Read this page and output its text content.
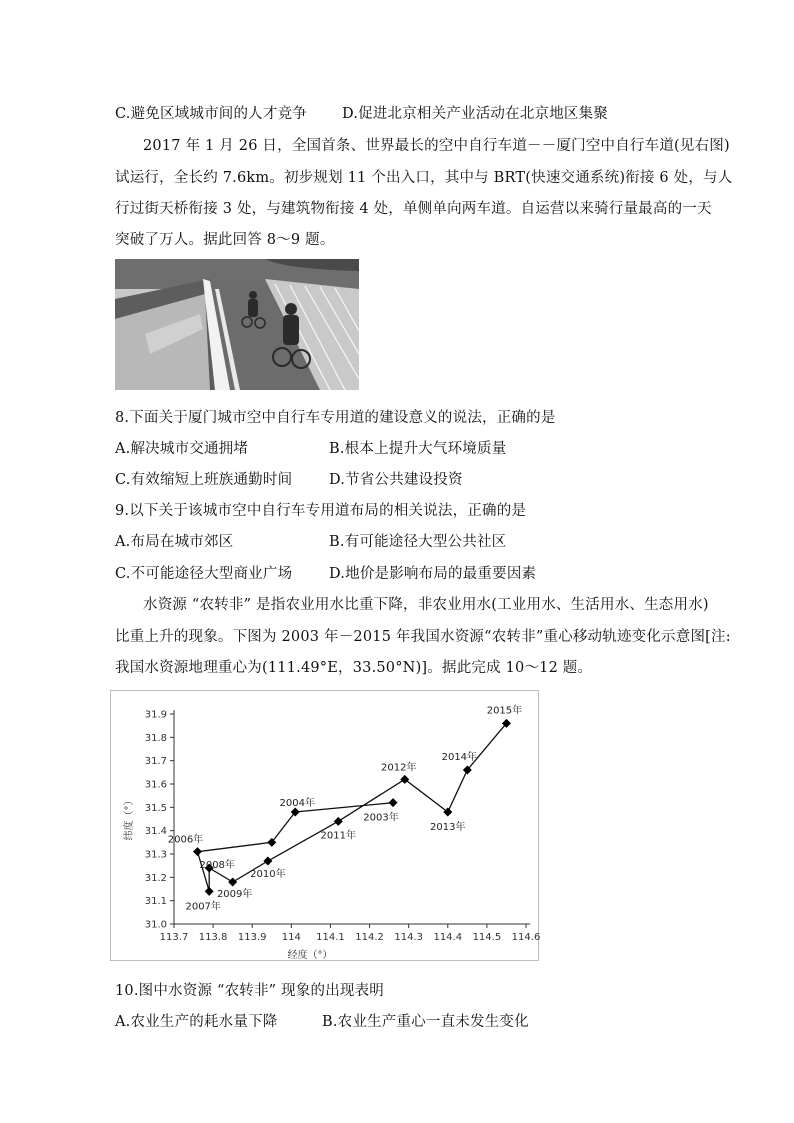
C.避免区域城市间的人才竞争 D.促进北京相关产业活动在北京地区集聚
2017 年 1 月 26 日，全国首条、世界最长的空中自行车道－－厦门空中自行车道(见右图)
试运行，全长约 7.6km。初步规划 11 个出入口，其中与 BRT(快速交通系统)衔接 6 处，与人
行过街天桥衔接 3 处，与建筑物衔接 4 处，单侧单向两车道。自运营以来骑行量最高的一天
突破了万人。据此回答 8～9 题。
8.下面关于厦门城市空中自行车专用道的建设意义的说法，正确的是
A.解决城市交通拥堵	B.根本上提升大气环境质量
C.有效缩短上班族通勤时间	D.节省公共建设投资
9.以下关于该城市空中自行车专用道布局的相关说法，正确的是
A.布局在城市郊区	B.有可能途径大型公共社区
C.不可能途径大型商业广场	D.地价是影响布局的最重要因素
水资源 “农转非” 是指农业用水比重下降，非农业用水(工业用水、生活用水、生态用水)
比重上升的现象。下图为 2003 年－2015 年我国水资源“农转非”重心移动轨迹变化示意图[注:
我国水资源地理重心为(111.49°E，33.50°N)]。据此完成 10～12 题。
31.0
31.1
31.2
31.3
31.4
31.5
31.6
31.7
31.8
31.9
113.7 113.8 113.9 114 114.1 114.2 114.3 114.4 114.5 114.6
经度（°）
纬度（°）	2003年
2004年
2006年
2007年
2008年
2009年
2010年
2011年
2012年
2013年
2014年
2015年
10.图中水资源 “农转非” 现象的出现表明
A.农业生产的耗水量下降	B.农业生产重心一直未发生变化
